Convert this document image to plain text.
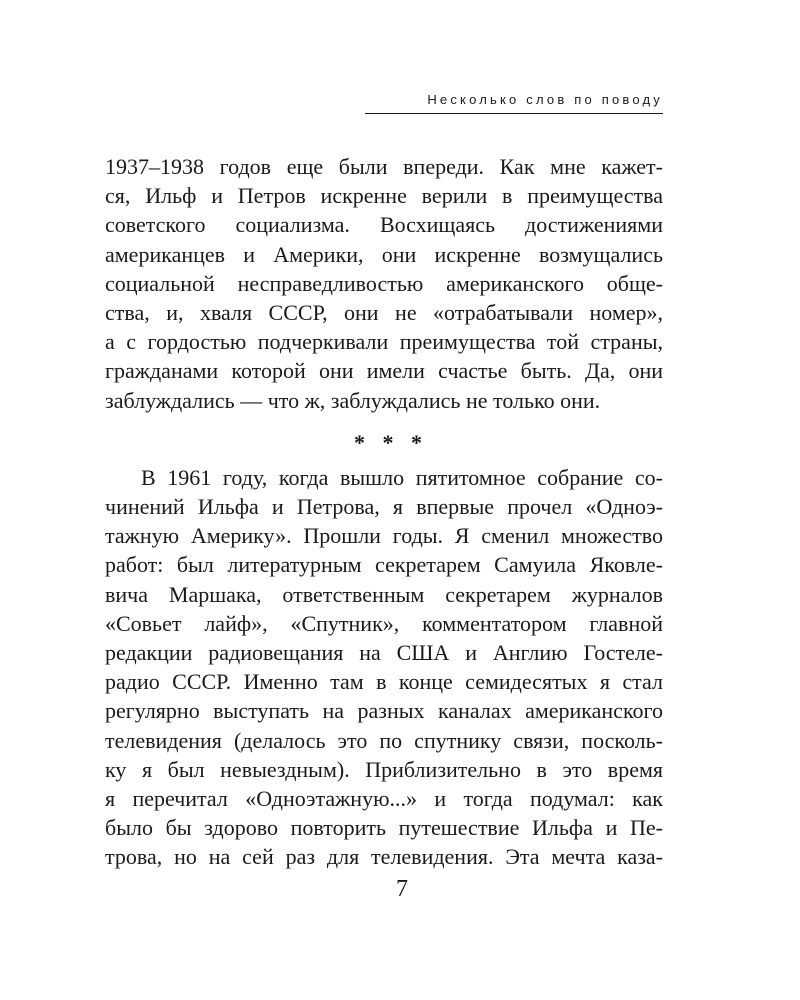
Несколько слов по поводу
1937–1938 годов еще были впереди. Как мне кажет-
ся, Ильф и Петров искренне верили в преимущества
советского социализма. Восхищаясь достижениями
американцев и Америки, они искренне возмущались
социальной несправедливостью американского обще-
ства, и, хваля СССР, они не «отрабатывали номер»,
а с гордостью подчеркивали преимущества той страны,
гражданами которой они имели счастье быть. Да, они
заблуждались — что ж, заблуждались не только они.
* * *
В 1961 году, когда вышло пятитомное собрание со-
чинений Ильфа и Петрова, я впервые прочел «Одноэ-
тажную Америку». Прошли годы. Я сменил множество
работ: был литературным секретарем Самуила Яковле-
вича Маршака, ответственным секретарем журналов
«Совьет лайф», «Спутник», комментатором главной
редакции радиовещания на США и Англию Гостеле-
радио СССР. Именно там в конце семидесятых я стал
регулярно выступать на разных каналах американского
телевидения (делалось это по спутнику связи, посколь-
ку я был невыездным). Приблизительно в это время
я перечитал «Одноэтажную...» и тогда подумал: как
было бы здорово повторить путешествие Ильфа и Пе-
трова, но на сей раз для телевидения. Эта мечта каза-
7
